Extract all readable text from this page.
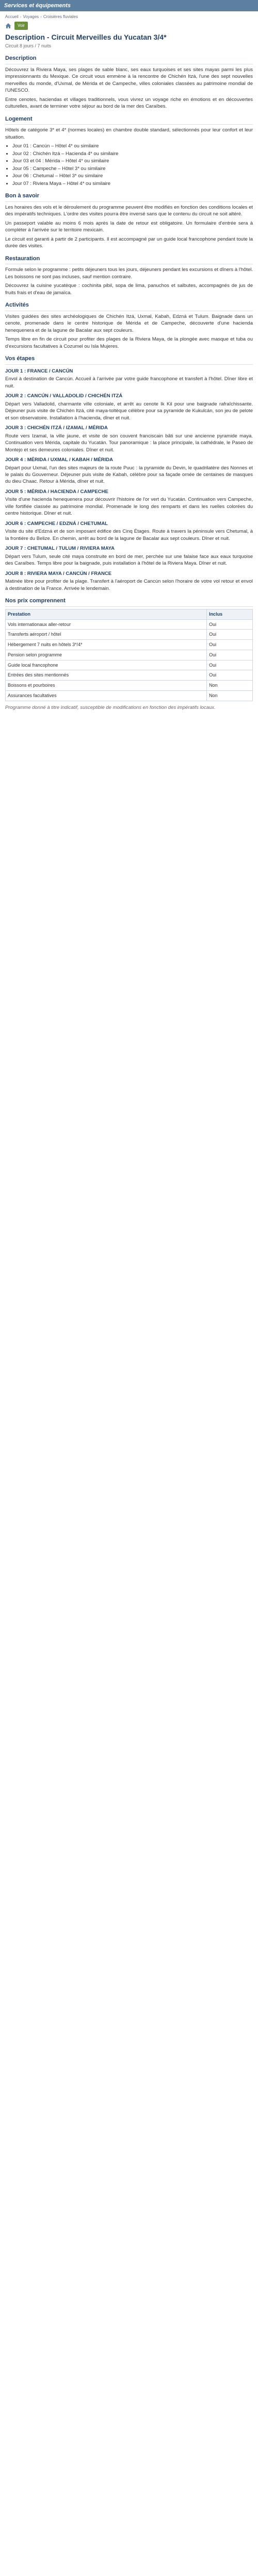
Services et équipements
Accueil › Voyages › Croisières fluviales
Voir
Description - Circuit Merveilles du Yucatan 3/4*
Circuit 8 jours / 7 nuits
Description

Découvrez la Riviera Maya, ses plages de sable blanc, ses eaux turquoises et ses sites mayas parmi les plus impressionnants du Mexique. Ce circuit vous emmène à la rencontre de Chichén Itzá, l'une des sept nouvelles merveilles du monde, d'Uxmal, de Mérida et de Campeche, villes coloniales classées au patrimoine mondial de l'UNESCO.

Entre cenotes, haciendas et villages traditionnels, vous vivrez un voyage riche en émotions et en découvertes culturelles, avant de terminer votre séjour au bord de la mer des Caraïbes.

Logement

Hôtels de catégorie 3* et 4* (normes locales) en chambre double standard, sélectionnés pour leur confort et leur situation.

• Jour 01 : Cancún – Hôtel 4* ou similaire
• Jour 02 : Chichén Itzá – Hacienda 4* ou similaire
• Jour 03 et 04 : Mérida – Hôtel 4* ou similaire
• Jour 05 : Campeche – Hôtel 3* ou similaire
• Jour 06 : Chetumal – Hôtel 3* ou similaire
• Jour 07 : Riviera Maya – Hôtel 4* ou similaire
Bon à savoir

Les horaires des vols et le déroulement du programme peuvent être modifiés en fonction des conditions locales et des impératifs techniques. L'ordre des visites pourra être inversé sans que le contenu du circuit ne soit altéré.

Un passeport valable au moins 6 mois après la date de retour est obligatoire. Un formulaire d'entrée sera à compléter à l'arrivée sur le territoire mexicain.

Le circuit est garanti à partir de 2 participants. Il est accompagné par un guide local francophone pendant toute la durée des visites.

Restauration

Formule selon le programme : petits déjeuners tous les jours, déjeuners pendant les excursions et dîners à l'hôtel. Les boissons ne sont pas incluses, sauf mention contraire.

Découvrez la cuisine yucatèque : cochinita pibil, sopa de lima, panuchos et salbutes, accompagnés de jus de fruits frais et d'eau de jamaïca.

Activités

Visites guidées des sites archéologiques de Chichén Itzá, Uxmal, Kabah, Edzná et Tulum. Baignade dans un cenote, promenade dans le centre historique de Mérida et de Campeche, découverte d'une hacienda henequenera et de la lagune de Bacalar aux sept couleurs.

Temps libre en fin de circuit pour profiter des plages de la Riviera Maya, de la plongée avec masque et tuba ou d'excursions facultatives à Cozumel ou Isla Mujeres.

Vos étapes
JOUR 1 : FRANCE / CANCÚN

Envol à destination de Cancún. Accueil à l'arrivée par votre guide francophone et transfert à l'hôtel. Dîner libre et nuit.

JOUR 2 : CANCÚN / VALLADOLID / CHICHÉN ITZÁ

Départ vers Valladolid, charmante ville coloniale, et arrêt au cenote Ik Kil pour une baignade rafraîchissante. Déjeuner puis visite de Chichén Itzá, cité maya-toltèque célèbre pour sa pyramide de Kukulcán, son jeu de pelote et son observatoire. Installation à l'hacienda, dîner et nuit.

JOUR 3 : CHICHÉN ITZÁ / IZAMAL / MÉRIDA

Route vers Izamal, la ville jaune, et visite de son couvent franciscain bâti sur une ancienne pyramide maya. Continuation vers Mérida, capitale du Yucatán. Tour panoramique : la place principale, la cathédrale, le Paseo de Montejo et ses demeures coloniales. Dîner et nuit.

JOUR 4 : MÉRIDA / UXMAL / KABAH / MÉRIDA

Départ pour Uxmal, l'un des sites majeurs de la route Puuc : la pyramide du Devin, le quadrilatère des Nonnes et le palais du Gouverneur. Déjeuner puis visite de Kabah, célèbre pour sa façade ornée de centaines de masques du dieu Chaac. Retour à Mérida, dîner et nuit.

JOUR 5 : MÉRIDA / HACIENDA / CAMPECHE

Visite d'une hacienda henequenera pour découvrir l'histoire de l'or vert du Yucatán. Continuation vers Campeche, ville fortifiée classée au patrimoine mondial. Promenade le long des remparts et dans les ruelles colorées du centre historique. Dîner et nuit.

JOUR 6 : CAMPECHE / EDZNÁ / CHETUMAL

Visite du site d'Edzná et de son imposant édifice des Cinq Étages. Route à travers la péninsule vers Chetumal, à la frontière du Belize. En chemin, arrêt au bord de la lagune de Bacalar aux sept couleurs. Dîner et nuit.

JOUR 7 : CHETUMAL / TULUM / RIVIERA MAYA

Départ vers Tulum, seule cité maya construite en bord de mer, perchée sur une falaise face aux eaux turquoise des Caraïbes. Temps libre pour la baignade, puis installation à l'hôtel de la Riviera Maya. Dîner et nuit.

JOUR 8 : RIVIERA MAYA / CANCÚN / FRANCE

Matinée libre pour profiter de la plage. Transfert à l'aéroport de Cancún selon l'horaire de votre vol retour et envol à destination de la France. Arrivée le lendemain.

Nos prix comprennent
Prestation	Inclus
Vols internationaux aller-retour	Oui
Transferts aéroport / hôtel	Oui
Hébergement 7 nuits en hôtels 3*/4*	Oui
Pension selon programme	Oui
Guide local francophone	Oui
Entrées des sites mentionnés	Oui
Boissons et pourboires	Non
Assurances facultatives	Non

Programme donné à titre indicatif, susceptible de modifications en fonction des impératifs locaux.
